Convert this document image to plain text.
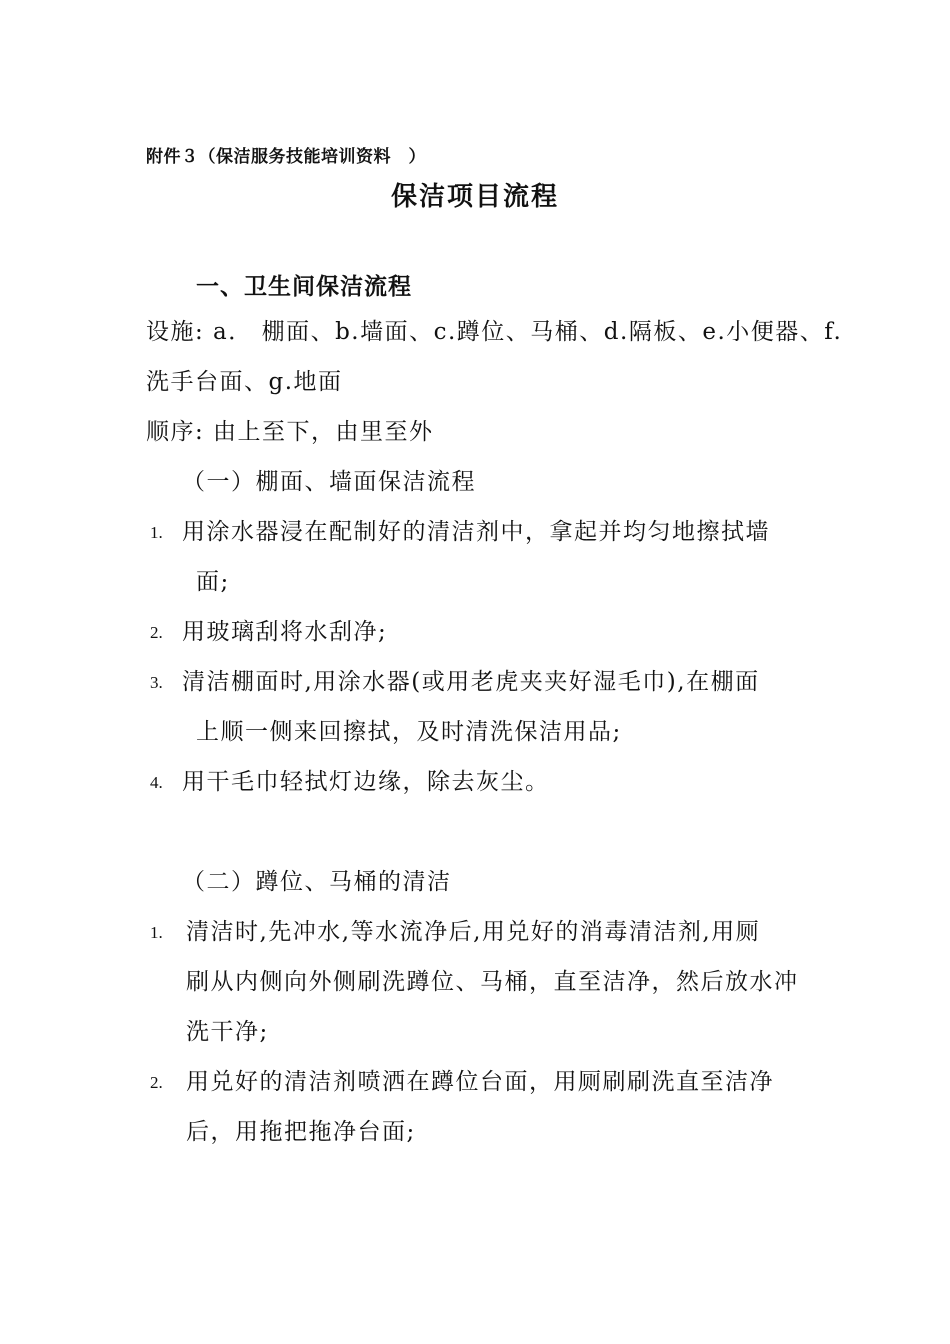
附件３（保洁服务技能培训资料　）
保洁项目流程
一、卫生间保洁流程
设施: a． 棚面、b.墙面、c.蹲位、马桶、d.隔板、e.小便器、f.
洗手台面、g.地面
顺序: 由上至下，由里至外
（一）棚面、墙面保洁流程
1. 用涂水器浸在配制好的清洁剂中，拿起并均匀地擦拭墙
面;
2. 用玻璃刮将水刮净;
3. 清洁棚面时,用涂水器(或用老虎夹夹好湿毛巾),在棚面
上顺一侧来回擦拭，及时清洗保洁用品;
4. 用干毛巾轻拭灯边缘，除去灰尘。
（二）蹲位、马桶的清洁
1. 清洁时,先冲水,等水流净后,用兑好的消毒清洁剂,用厕
刷从内侧向外侧刷洗蹲位、马桶，直至洁净，然后放水冲
洗干净;
2. 用兑好的清洁剂喷洒在蹲位台面，用厕刷刷洗直至洁净
后，用拖把拖净台面;
